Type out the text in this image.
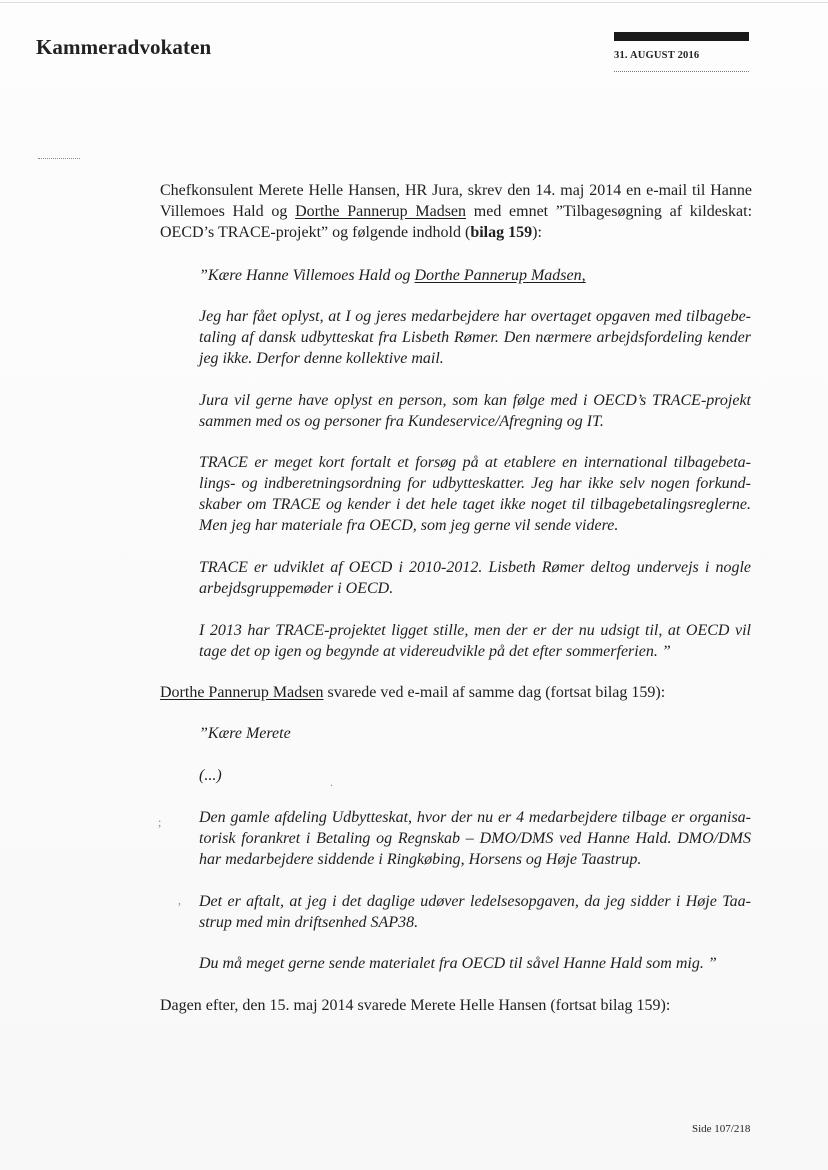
Kammeradvokaten	31. AUGUST 2016
Chefkonsulent Merete Helle Hansen, HR Jura, skrev den 14. maj 2014 en e-mail til Hanne Villemoes Hald og Dorthe Pannerup Madsen med emnet ”Tilbagesøgning af kildeskat: OECD’s TRACE-projekt” og følgende indhold (bilag 159):
”Kære Hanne Villemoes Hald og Dorthe Pannerup Madsen,
Jeg har fået oplyst, at I og jeres medarbejdere har overtaget opgaven med tilbagebetaling af dansk udbytteskat fra Lisbeth Rømer. Den nærmere arbejdsfordeling kender jeg ikke. Derfor denne kollektive mail.
Jura vil gerne have oplyst en person, som kan følge med i OECD’s TRACE-projekt sammen med os og personer fra Kundeservice/Afregning og IT.
TRACE er meget kort fortalt et forsøg på at etablere en international tilbagebetalings- og indberetningsordning for udbytteskatter. Jeg har ikke selv nogen forkundskaber om TRACE og kender i det hele taget ikke noget til tilbagebetalingsreglerne. Men jeg har materiale fra OECD, som jeg gerne vil sende videre.
TRACE er udviklet af OECD i 2010-2012. Lisbeth Rømer deltog undervejs i nogle arbejdsgruppemøder i OECD.
I 2013 har TRACE-projektet ligget stille, men der er der nu udsigt til, at OECD vil tage det op igen og begynde at videreudvikle på det efter sommerferien. ”
Dorthe Pannerup Madsen svarede ved e-mail af samme dag (fortsat bilag 159):
”Kære Merete
(...)	.
Den gamle afdeling Udbytteskat, hvor der nu er 4 medarbejdere tilbage er organisatorisk forankret i Betaling og Regnskab – DMO/DMS ved Hanne Hald. DMO/DMS har medarbejdere siddende i Ringkøbing, Horsens og Høje Taastrup.
;
Det er aftalt, at jeg i det daglige udøver ledelsesopgaven, da jeg sidder i Høje Taastrup med min driftsenhed SAP38.
,
Du må meget gerne sende materialet fra OECD til såvel Hanne Hald som mig. ”
Dagen efter, den 15. maj 2014 svarede Merete Helle Hansen (fortsat bilag 159):
Side 107/218
